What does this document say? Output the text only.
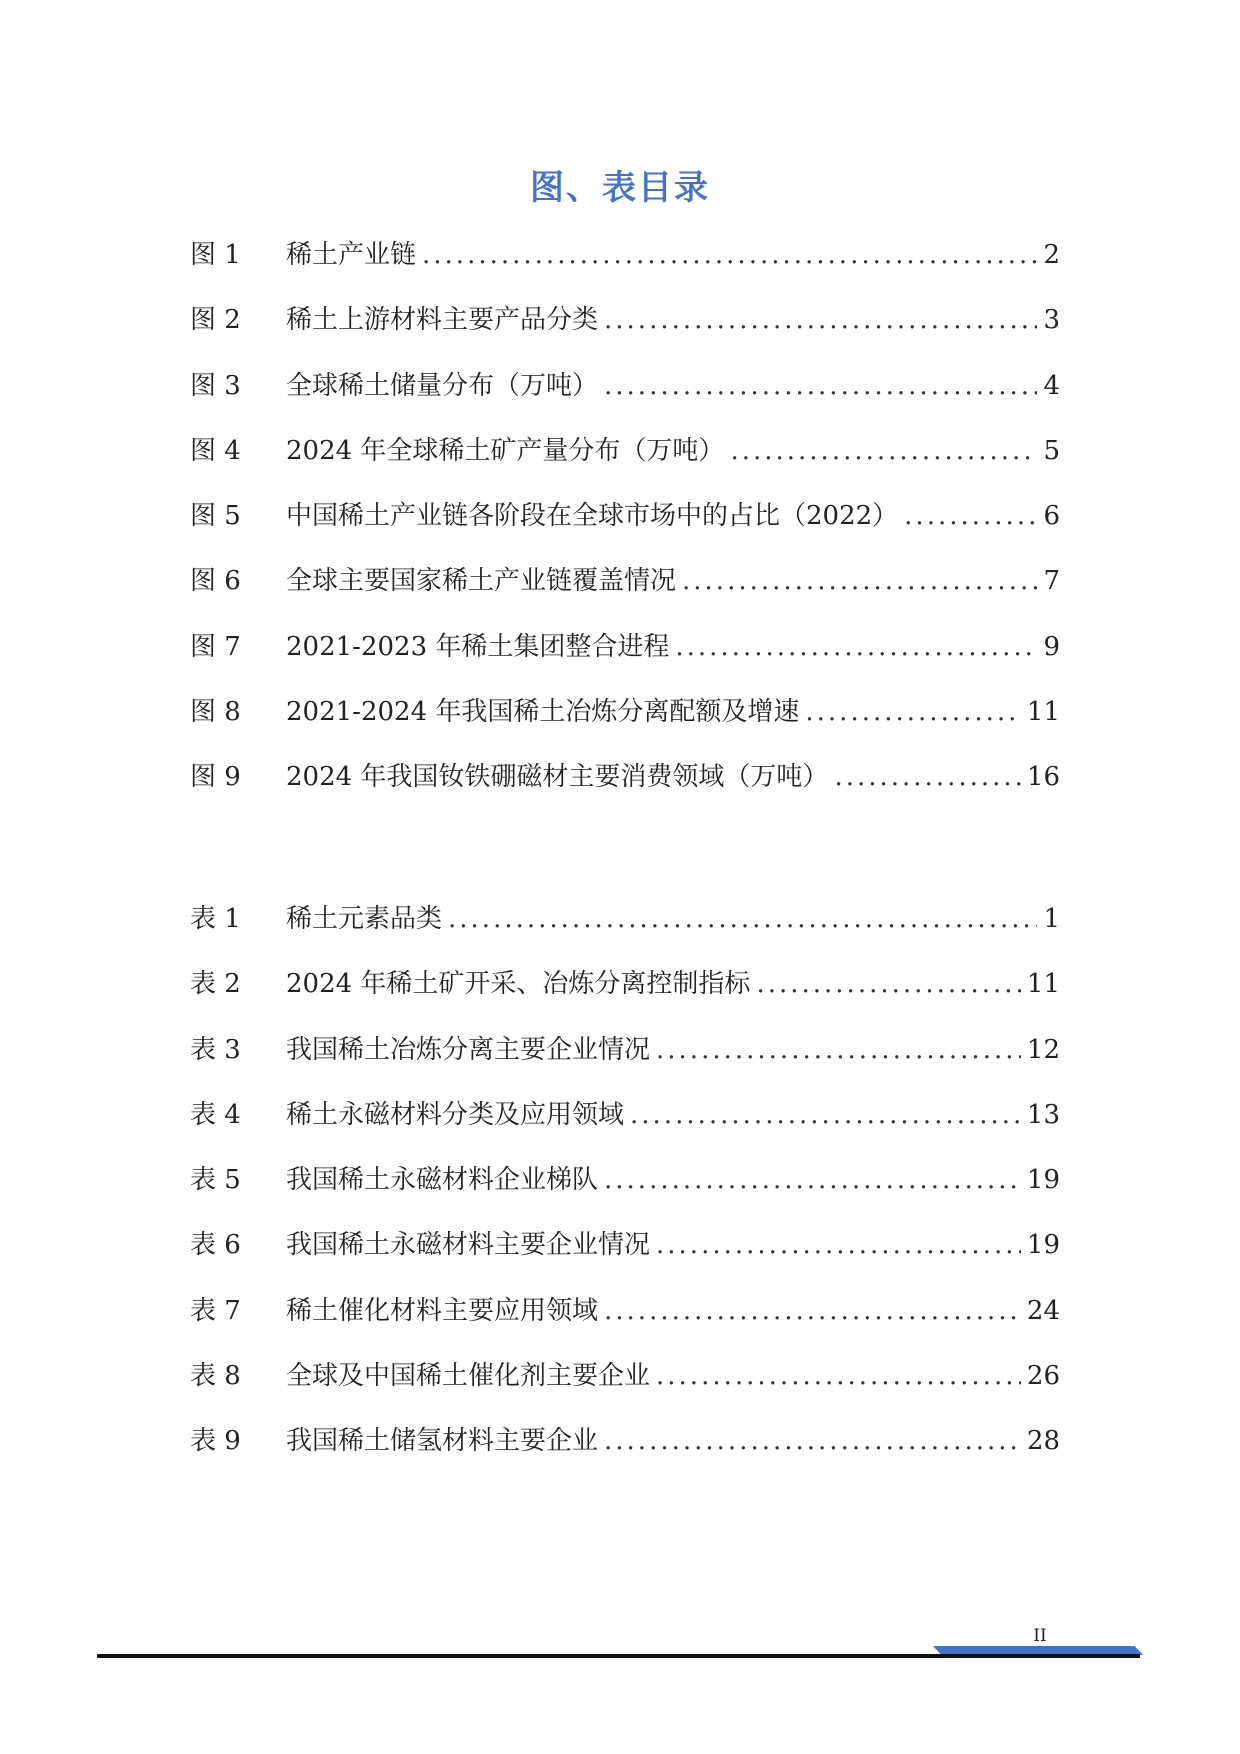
图、表目录
图 1	稀土产业链 .....	2
图 2	稀土上游材料主要产品分类 .....	3
图 3	全球稀土储量分布（万吨） .....	4
图 4	2024 年全球稀土矿产量分布（万吨） .....	5
图 5	中国稀土产业链各阶段在全球市场中的占比（2022） .....	6
图 6	全球主要国家稀土产业链覆盖情况 .....	7
图 7	2021-2023 年稀土集团整合进程 .....	9
图 8	2021-2024 年我国稀土冶炼分离配额及增速 .....	11
图 9	2024 年我国钕铁硼磁材主要消费领域（万吨） .....	16
表 1	稀土元素品类 .....	1
表 2	2024 年稀土矿开采、冶炼分离控制指标 .....	11
表 3	我国稀土冶炼分离主要企业情况 .....	12
表 4	稀土永磁材料分类及应用领域 .....	13
表 5	我国稀土永磁材料企业梯队 .....	19
表 6	我国稀土永磁材料主要企业情况 .....	19
表 7	稀土催化材料主要应用领域 .....	24
表 8	全球及中国稀土催化剂主要企业 .....	26
表 9	我国稀土储氢材料主要企业 .....	28
II
